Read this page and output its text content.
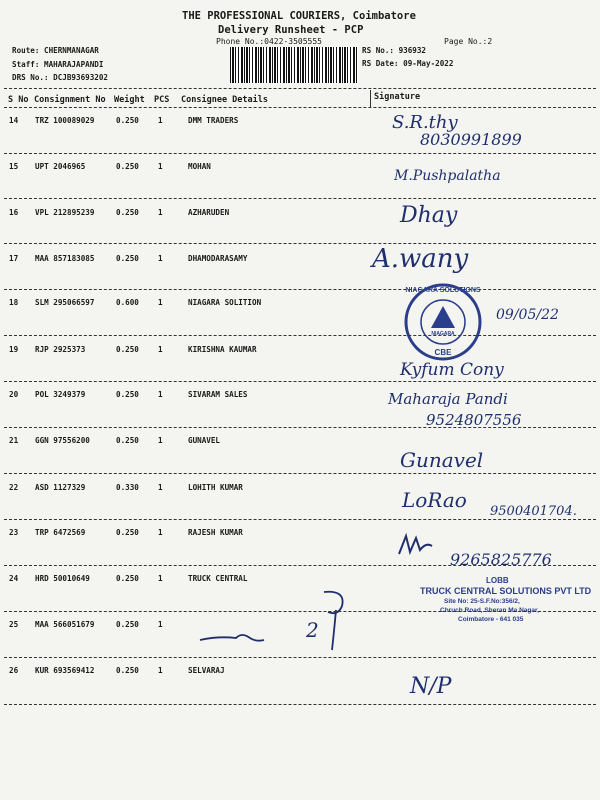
THE PROFESSIONAL COURIERS, Coimbatore
Delivery Runsheet - PCP
Phone No.:0422-3505555	Page No.:2
Route: CHERNMANAGAR
Staff: MAHARAJAPANDI
DRS No.: DCJB93693202
RS No.: 936932
RS Date: 09-May-2022
S No Consignment No Weight PCS Consignee Details	Signature
14 TRZ 100089029	0.250	1	DMM TRADERS	S.R.thy
8030991899
15 UPT 2046965	0.250	1	MOHAN
M.Pushpalatha
16 VPL 212895239	0.250	1	AZHARUDEN
17 MAA 857183085	0.250	1	DHAMODARASAMY
Dhay
A.wany
18 SLM 295066597	0.600	1	NIAGARA SOLITION
09/05/22
NIAGARA
NIAGARA SOLUTIONS
CBE
19 RJP 2925373	0.250	1	KIRISHNA KAUMAR
Kyfum Cony
20 POL 3249379	0.250	1	SIVARAM SALES	Maharaja Pandi
9524807556
21 GGN 97556200	0.250	1	GUNAVEL
Gunavel
22 ASD 1127329	0.330	1	LOHITH KUMAR
LoRao 9500401704.
23 TRP 6472569	0.250	1	RAJESH KUMAR
9265825776
24 HRD 50010649	0.250	1	TRUCK CENTRAL	LOBB
TRUCK CENTRAL SOLUTIONS PVT LTD
Site No: 25-S.F.No:356/2,
Chruch Road, Sheran Ma Nagar,
Coimbatore - 641 035
25 MAA 566051679	0.250	1	2
26 KUR 693569412	0.250	1	SELVARAJ
N/P
